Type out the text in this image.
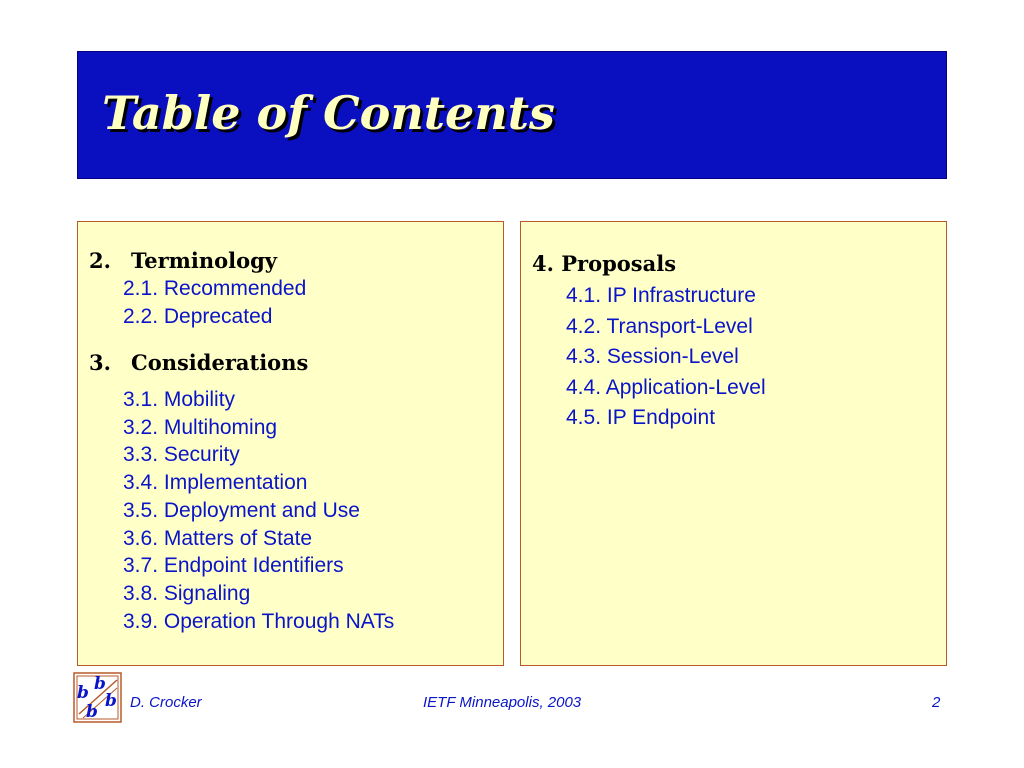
Table of Contents
2. Terminology
2.1. Recommended
2.2. Deprecated
3. Considerations
3.1. Mobility
3.2. Multihoming
3.3. Security
3.4. Implementation
3.5. Deployment and Use
3.6. Matters of State
3.7. Endpoint Identifiers
3.8. Signaling
3.9. Operation Through NATs
4. Proposals
4.1. IP Infrastructure
4.2. Transport-Level
4.3. Session-Level
4.4. Application-Level
4.5. IP Endpoint
b b
b
b D. Crocker	IETF Minneapolis, 2003	2
